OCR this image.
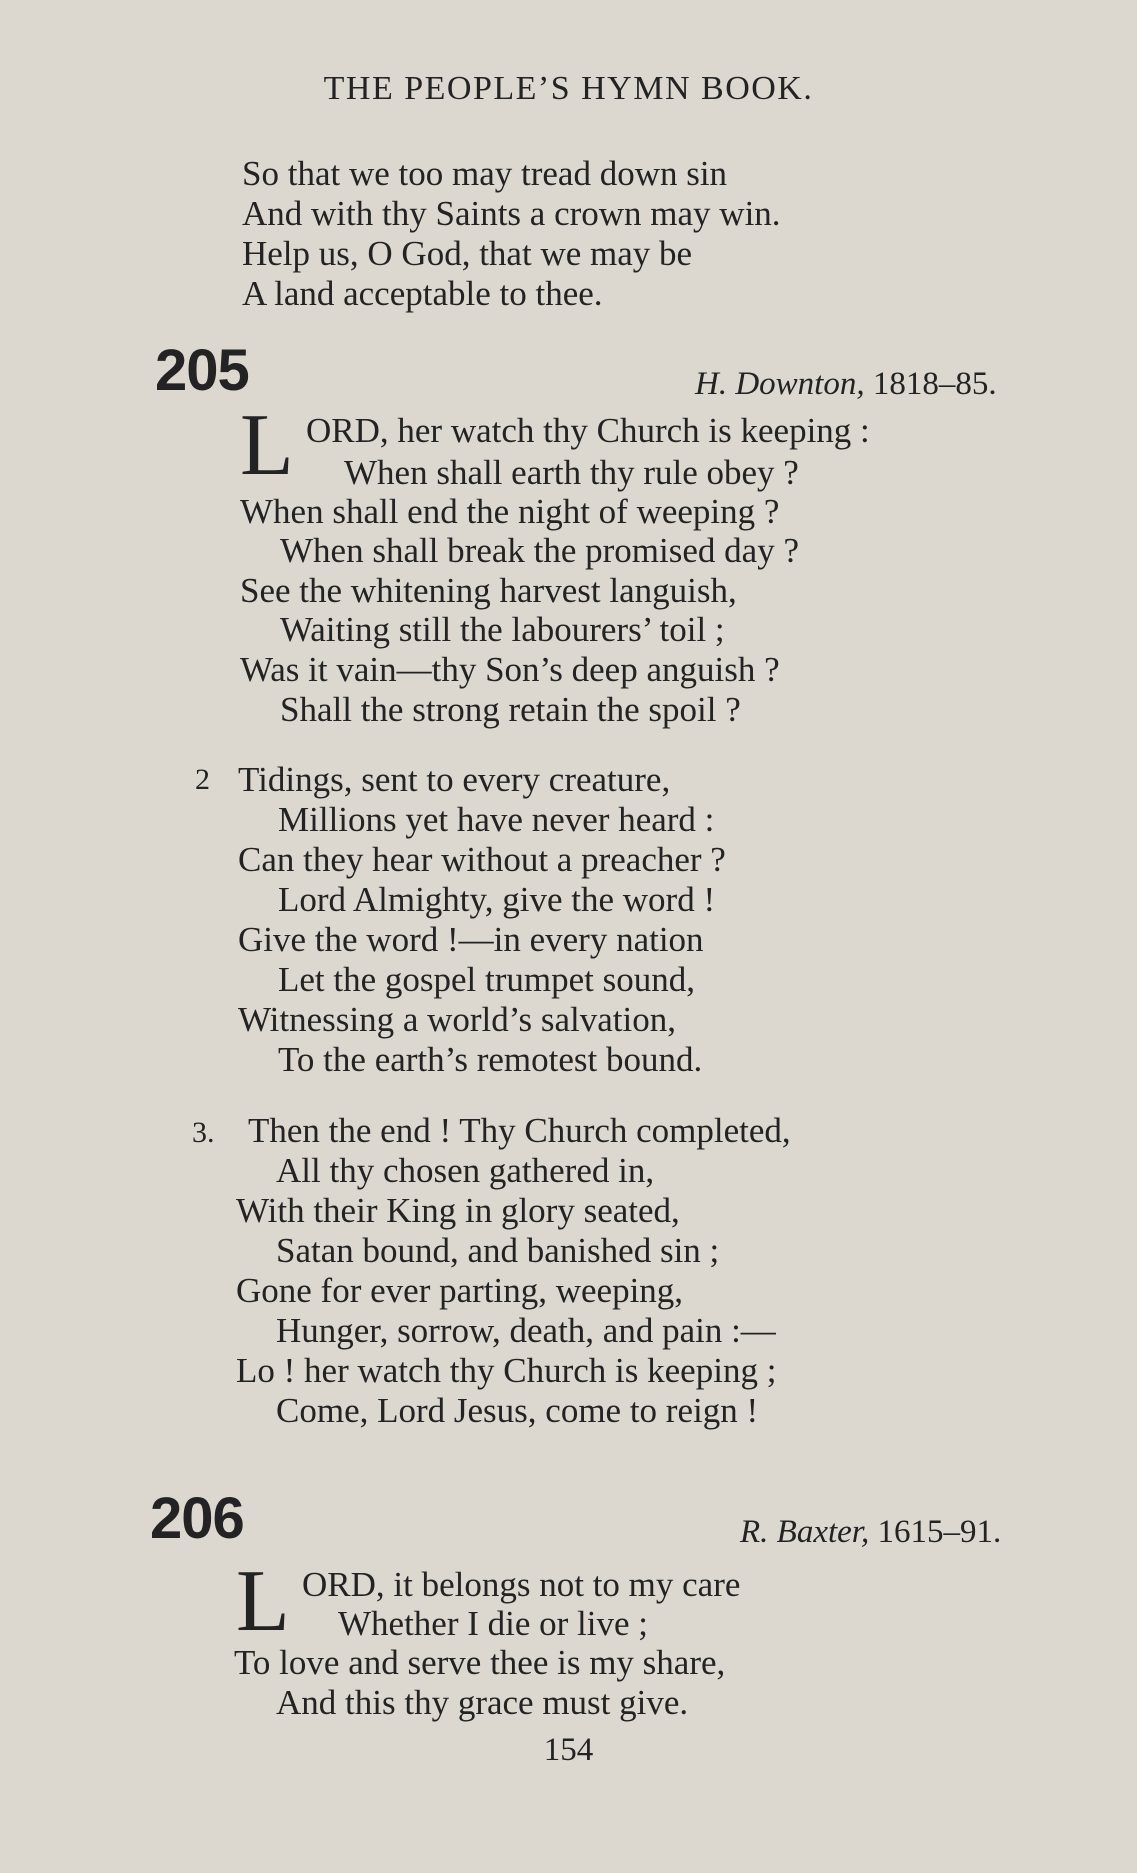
THE PEOPLE’S HYMN BOOK.
So that we too may tread down sin
And with thy Saints a crown may win.
Help us, O God, that we may be
A land acceptable to thee.
205	H. Downton, 1818–85.
L ORD, her watch thy Church is keeping :
When shall earth thy rule obey ?
When shall end the night of weeping ?
When shall break the promised day ?
See the whitening harvest languish,
Waiting still the labourers’ toil ;
Was it vain—thy Son’s deep anguish ?
Shall the strong retain the spoil ?
2 Tidings, sent to every creature,
Millions yet have never heard :
Can they hear without a preacher ?
Lord Almighty, give the word !
Give the word !—in every nation
Let the gospel trumpet sound,
Witnessing a world’s salvation,
To the earth’s remotest bound.
3. Then the end ! Thy Church completed,
All thy chosen gathered in,
With their King in glory seated,
Satan bound, and banished sin ;
Gone for ever parting, weeping,
Hunger, sorrow, death, and pain :—
Lo ! her watch thy Church is keeping ;
Come, Lord Jesus, come to reign !
206	R. Baxter, 1615–91.
L ORD, it belongs not to my care
Whether I die or live ;
To love and serve thee is my share,
And this thy grace must give.
154
